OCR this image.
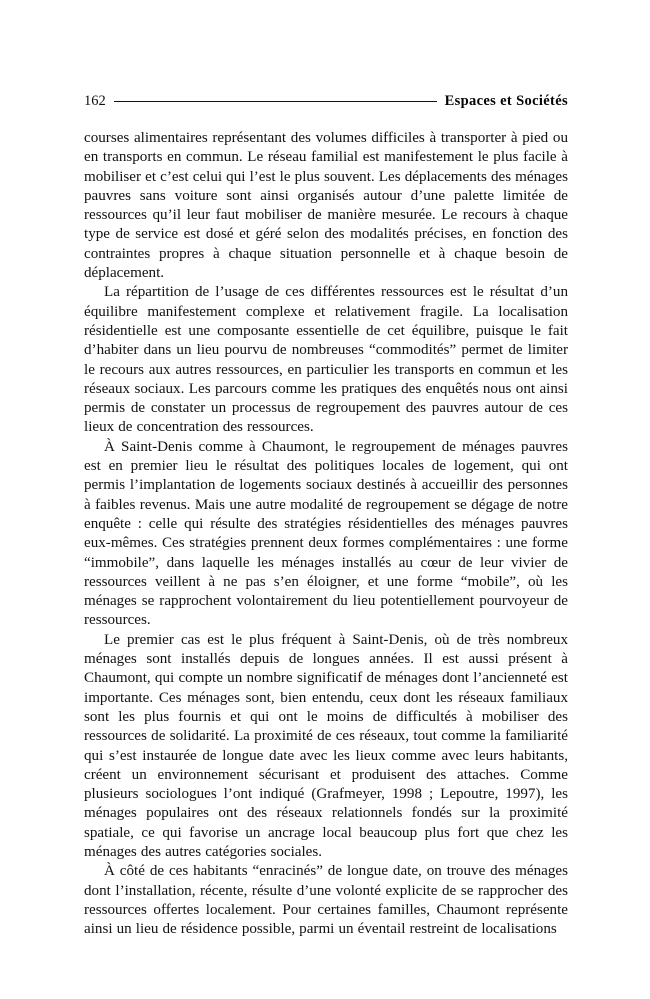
162	Espaces et Sociétés

courses alimentaires représentant des volumes difficiles à transporter à pied ou en transports en commun. Le réseau familial est manifestement le plus facile à mobiliser et c’est celui qui l’est le plus souvent. Les déplacements des ménages pauvres sans voiture sont ainsi organisés autour d’une palette limitée de ressources qu’il leur faut mobiliser de manière mesurée. Le recours à chaque type de service est dosé et géré selon des modalités précises, en fonction des contraintes propres à chaque situation personnelle et à chaque besoin de déplacement.

La répartition de l’usage de ces différentes ressources est le résultat d’un équilibre manifestement complexe et relativement fragile. La localisation résidentielle est une composante essentielle de cet équilibre, puisque le fait d’habiter dans un lieu pourvu de nombreuses “commodités” permet de limiter le recours aux autres ressources, en particulier les transports en commun et les réseaux sociaux. Les parcours comme les pratiques des enquêtés nous ont ainsi permis de constater un processus de regroupement des pauvres autour de ces lieux de concentration des ressources.

À Saint-Denis comme à Chaumont, le regroupement de ménages pauvres est en premier lieu le résultat des politiques locales de logement, qui ont permis l’implantation de logements sociaux destinés à accueillir des personnes à faibles revenus. Mais une autre modalité de regroupement se dégage de notre enquête : celle qui résulte des stratégies résidentielles des ménages pauvres eux-mêmes. Ces stratégies prennent deux formes complémentaires : une forme “immobile”, dans laquelle les ménages installés au cœur de leur vivier de ressources veillent à ne pas s’en éloigner, et une forme “mobile”, où les ménages se rapprochent volontairement du lieu potentiellement pourvoyeur de ressources.

Le premier cas est le plus fréquent à Saint-Denis, où de très nombreux ménages sont installés depuis de longues années. Il est aussi présent à Chaumont, qui compte un nombre significatif de ménages dont l’ancienneté est importante. Ces ménages sont, bien entendu, ceux dont les réseaux familiaux sont les plus fournis et qui ont le moins de difficultés à mobiliser des ressources de solidarité. La proximité de ces réseaux, tout comme la familiarité qui s’est instaurée de longue date avec les lieux comme avec leurs habitants, créent un environnement sécurisant et produisent des attaches. Comme plusieurs sociologues l’ont indiqué (Grafmeyer, 1998 ; Lepoutre, 1997), les ménages populaires ont des réseaux relationnels fondés sur la proximité spatiale, ce qui favorise un ancrage local beaucoup plus fort que chez les ménages des autres catégories sociales.

À côté de ces habitants “enracinés” de longue date, on trouve des ménages dont l’installation, récente, résulte d’une volonté explicite de se rapprocher des ressources offertes localement. Pour certaines familles, Chaumont représente ainsi un lieu de résidence possible, parmi un éventail restreint de localisations
